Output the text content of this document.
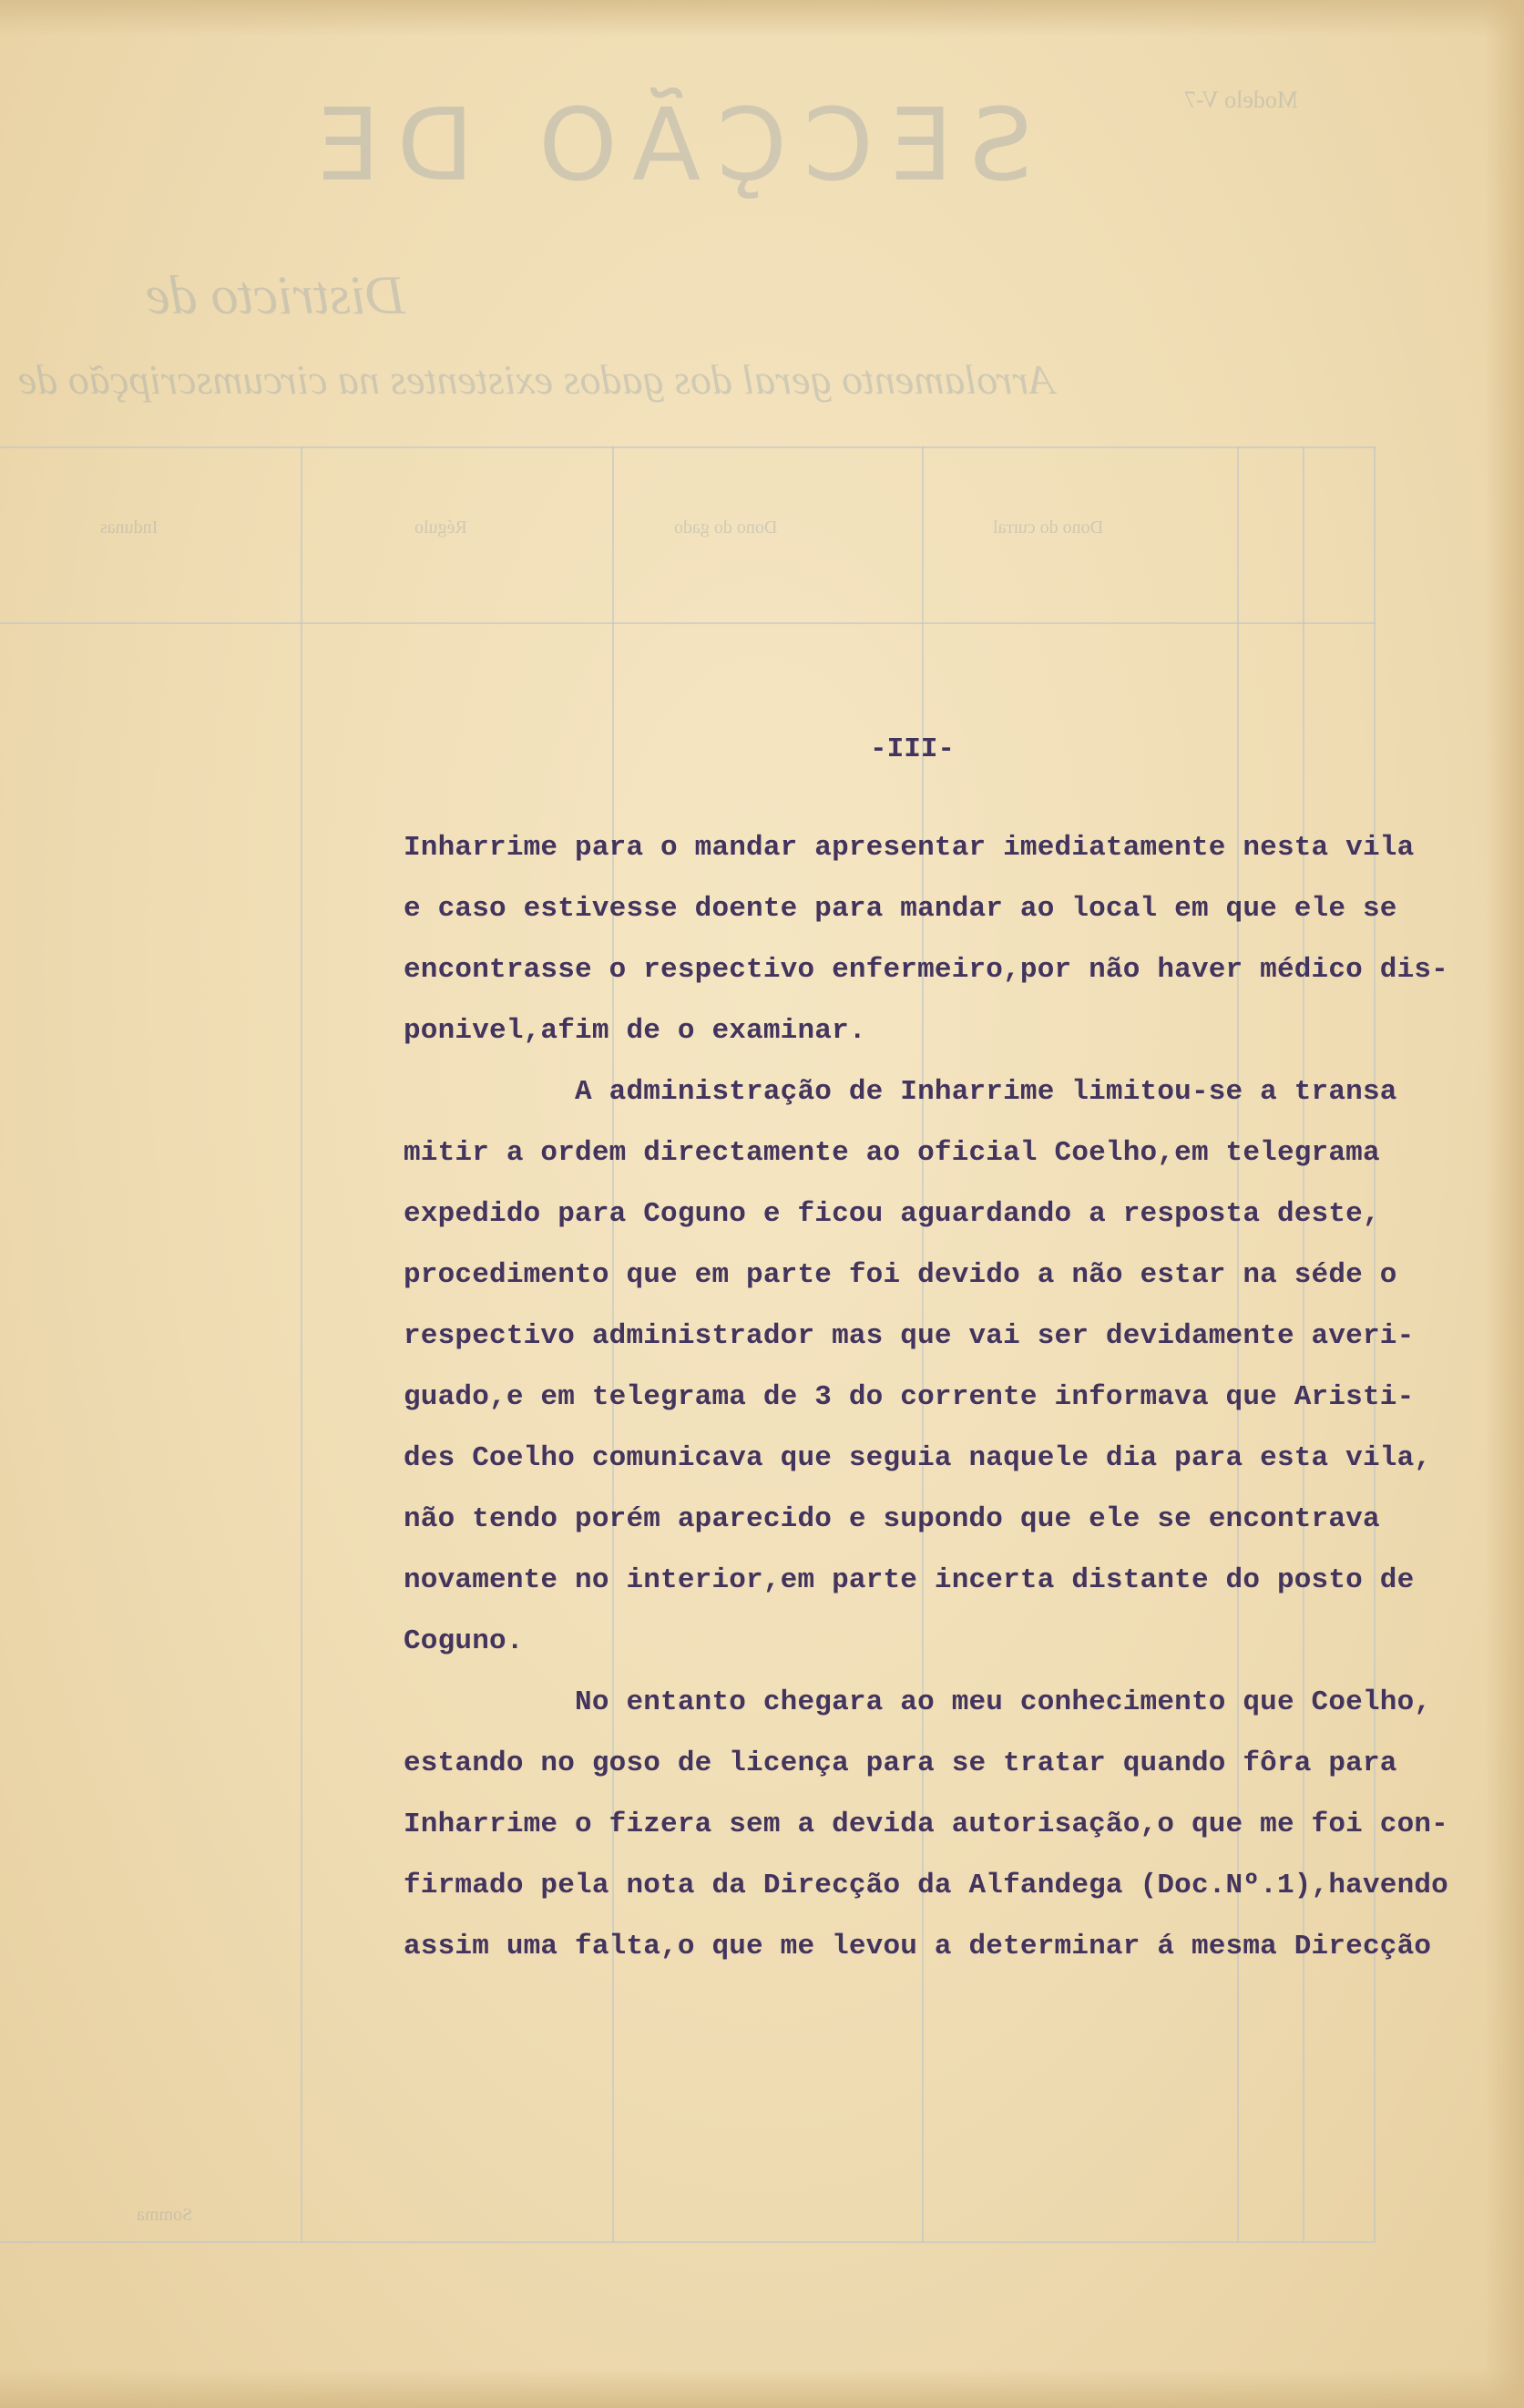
SECÇÃO DE	Modelo V-7
Districto de
Arrolamento geral dos gados existentes na circumscripção de
Indunas	Régulo	Dono do gado	Dono do curral
Somma
-III-
Inharrime para o mandar apresentar imediatamente nesta vila
e caso estivesse doente para mandar ao local em que ele se
encontrasse o respectivo enfermeiro,por não haver médico dis-
ponivel,afim de o examinar.
A administração de Inharrime limitou-se a transa
mitir a ordem directamente ao oficial Coelho,em telegrama
expedido para Coguno e ficou aguardando a resposta deste,
procedimento que em parte foi devido a não estar na séde o
respectivo administrador mas que vai ser devidamente averi-
guado,e em telegrama de 3 do corrente informava que Aristi-
des Coelho comunicava que seguia naquele dia para esta vila,
não tendo porém aparecido e supondo que ele se encontrava
novamente no interior,em parte incerta distante do posto de
Coguno.
No entanto chegara ao meu conhecimento que Coelho,
estando no goso de licença para se tratar quando fôra para
Inharrime o fizera sem a devida autorisação,o que me foi con-
firmado pela nota da Direcção da Alfandega (Doc.Nº.1),havendo
assim uma falta,o que me levou a determinar á mesma Direcção
